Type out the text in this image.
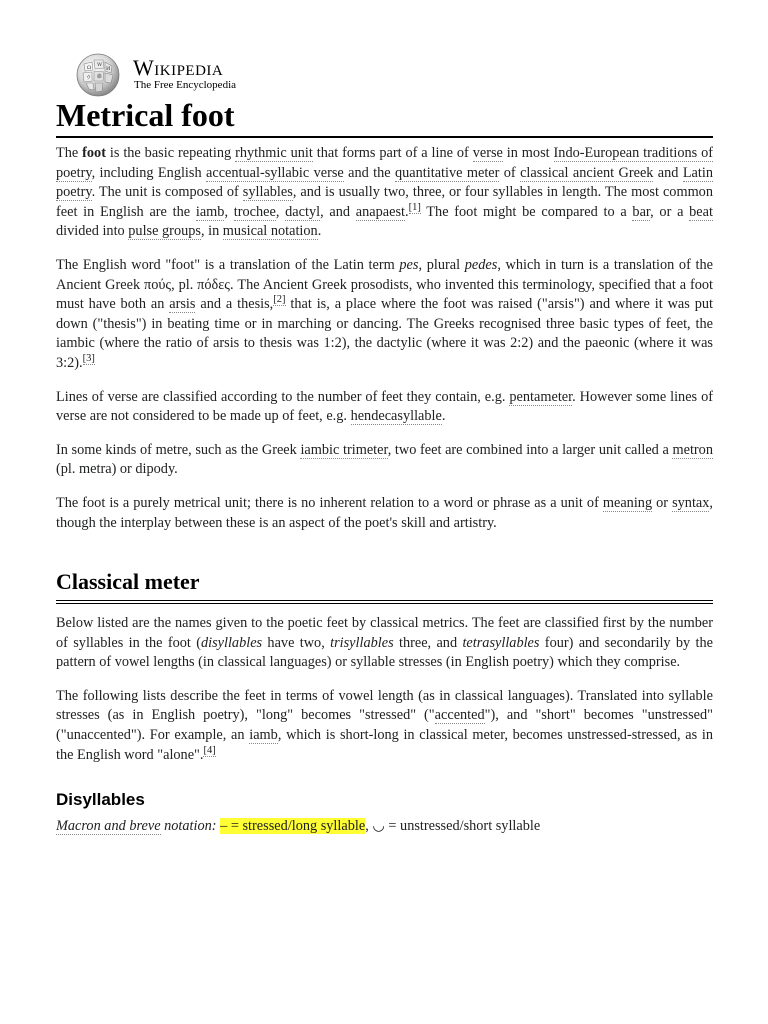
Ω W
И
ウ 維 Wikipedia
The Free Encyclopedia
Metrical foot

The foot is the basic repeating rhythmic unit that forms part of a line of verse in most Indo-European traditions of poetry, including English accentual-syllabic verse and the quantitative meter of classical ancient Greek and Latin poetry. The unit is composed of syllables, and is usually two, three, or four syllables in length. The most common feet in English are the iamb, trochee, dactyl, and anapaest.[1] The foot might be compared to a bar, or a beat divided into pulse groups, in musical notation.

The English word "foot" is a translation of the Latin term pes, plural pedes, which in turn is a translation of the Ancient Greek πούς, pl. πόδες. The Ancient Greek prosodists, who invented this terminology, specified that a foot must have both an arsis and a thesis,[2] that is, a place where the foot was raised ("arsis") and where it was put down ("thesis") in beating time or in marching or dancing. The Greeks recognised three basic types of feet, the iambic (where the ratio of arsis to thesis was 1:2), the dactylic (where it was 2:2) and the paeonic (where it was 3:2).[3]

Lines of verse are classified according to the number of feet they contain, e.g. pentameter. However some lines of verse are not considered to be made up of feet, e.g. hendecasyllable.

In some kinds of metre, such as the Greek iambic trimeter, two feet are combined into a larger unit called a metron (pl. metra) or dipody.

The foot is a purely metrical unit; there is no inherent relation to a word or phrase as a unit of meaning or syntax, though the interplay between these is an aspect of the poet's skill and artistry.

Classical meter

Below listed are the names given to the poetic feet by classical metrics. The feet are classified first by the number of syllables in the foot (disyllables have two, trisyllables three, and tetrasyllables four) and secondarily by the pattern of vowel lengths (in classical languages) or syllable stresses (in English poetry) which they comprise.

The following lists describe the feet in terms of vowel length (as in classical languages). Translated into syllable stresses (as in English poetry), "long" becomes "stressed" ("accented"), and "short" becomes "unstressed" ("unaccented"). For example, an iamb, which is short-long in classical meter, becomes unstressed-stressed, as in the English word "alone".[4]

Disyllables

Macron and breve notation: – = stressed/long syllable, ◡ = unstressed/short syllable
